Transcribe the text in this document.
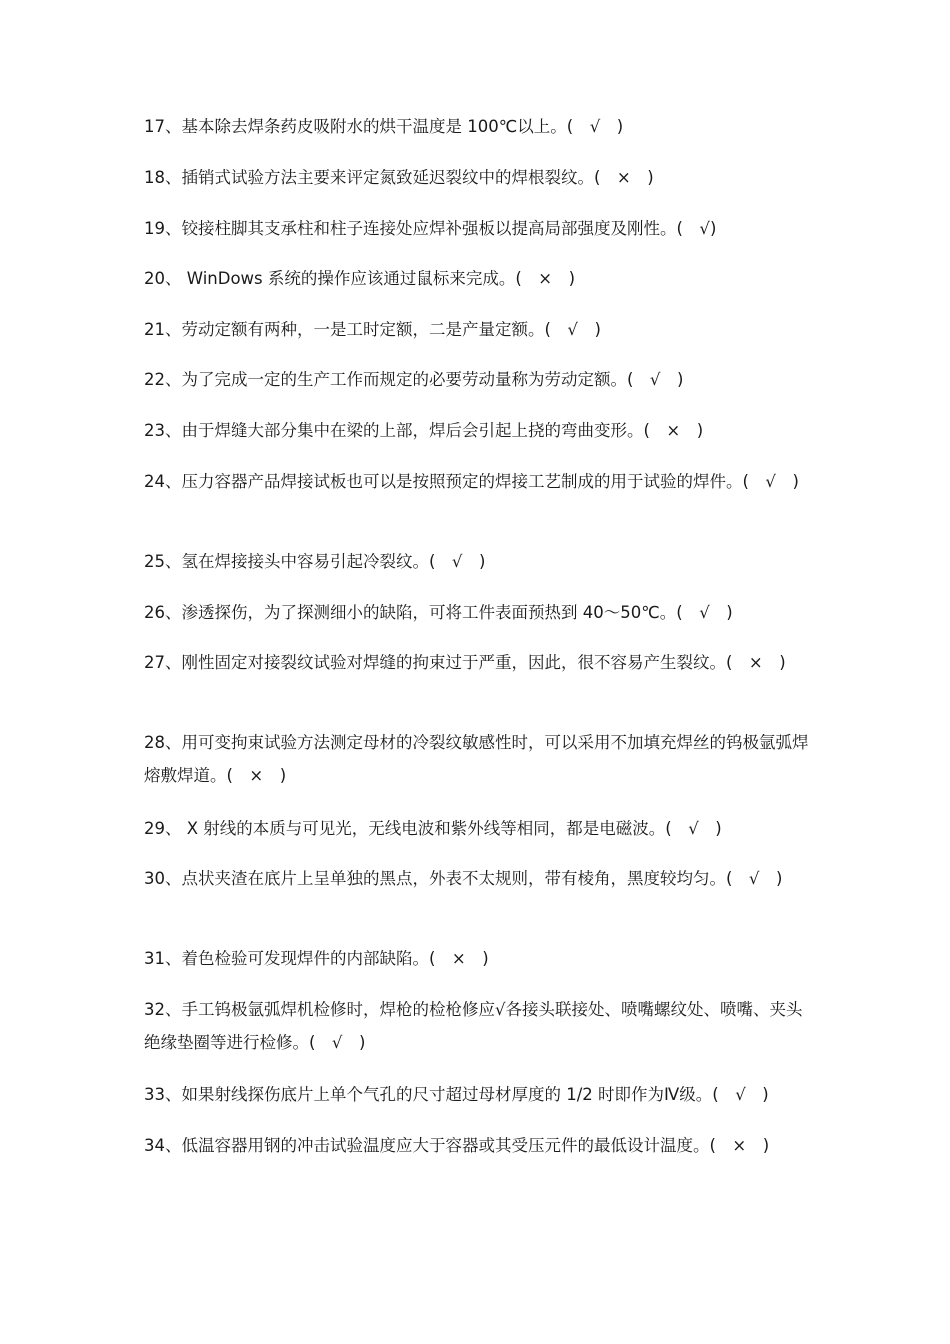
17、基本除去焊条药皮吸附水的烘干温度是 100℃以上。(　√　)

18、插销式试验方法主要来评定氮致延迟裂纹中的焊根裂纹。(　×　)

19、铰接柱脚其支承柱和柱子连接处应焊补强板以提高局部强度及刚性。(　√)

20、 WinDows 系统的操作应该通过鼠标来完成。(　×　)

21、劳动定额有两种，一是工时定额，二是产量定额。(　√　)

22、为了完成一定的生产工作而规定的必要劳动量称为劳动定额。(　√　)

23、由于焊缝大部分集中在梁的上部，焊后会引起上挠的弯曲变形。(　×　)

24、压力容器产品焊接试板也可以是按照预定的焊接工艺制成的用于试验的焊件。(　√　)

25、氢在焊接接头中容易引起冷裂纹。(　√　)

26、渗透探伤，为了探测细小的缺陷，可将工件表面预热到 40～50℃。(　√　)

27、刚性固定对接裂纹试验对焊缝的拘束过于严重，因此，很不容易产生裂纹。(　×　)

28、用可变拘束试验方法测定母材的冷裂纹敏感性时，可以采用不加填充焊丝的钨极氩弧焊熔敷焊道。(　×　)

29、 X 射线的本质与可见光，无线电波和紫外线等相同，都是电磁波。(　√　)

30、点状夹渣在底片上呈单独的黑点，外表不太规则，带有棱角，黑度较均匀。(　√　)

31、着色检验可发现焊件的内部缺陷。(　×　)

32、手工钨极氩弧焊机检修时，焊枪的检枪修应√各接头联接处、喷嘴螺纹处、喷嘴、夹头绝缘垫圈等进行检修。(　√　)

33、如果射线探伤底片上单个气孔的尺寸超过母材厚度的 1/2 时即作为Ⅳ级。(　√　)

34、低温容器用钢的冲击试验温度应大于容器或其受压元件的最低设计温度。(　×　)
